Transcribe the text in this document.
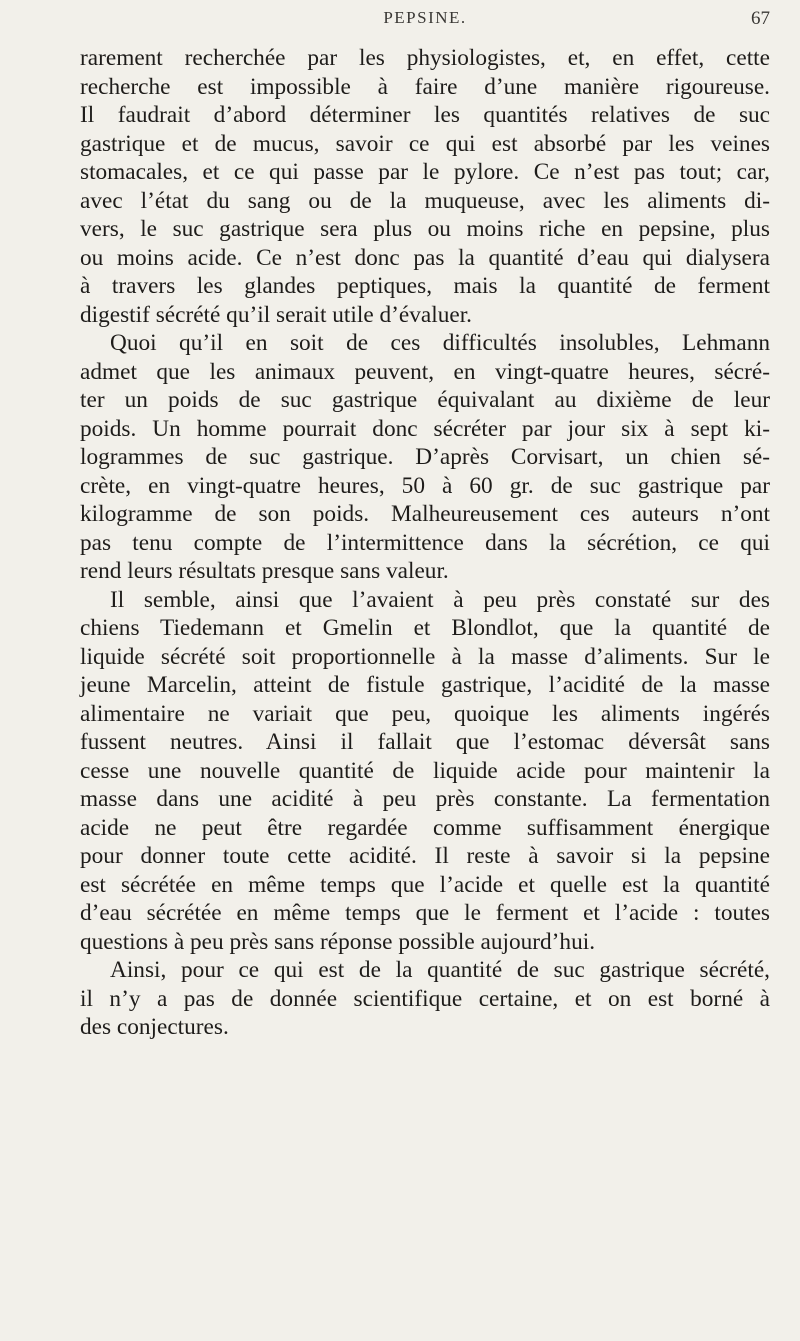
PEPSINE.	67
rarement recherchée par les physiologistes, et, en effet, cette
recherche est impossible à faire d’une manière rigoureuse.
Il faudrait d’abord déterminer les quantités relatives de suc
gastrique et de mucus, savoir ce qui est absorbé par les veines
stomacales, et ce qui passe par le pylore. Ce n’est pas tout; car,
avec l’état du sang ou de la muqueuse, avec les aliments di-
vers, le suc gastrique sera plus ou moins riche en pepsine, plus
ou moins acide. Ce n’est donc pas la quantité d’eau qui dialysera
à travers les glandes peptiques, mais la quantité de ferment
digestif sécrété qu’il serait utile d’évaluer.
Quoi qu’il en soit de ces difficultés insolubles, Lehmann
admet que les animaux peuvent, en vingt-quatre heures, sécré-
ter un poids de suc gastrique équivalant au dixième de leur
poids. Un homme pourrait donc sécréter par jour six à sept ki-
logrammes de suc gastrique. D’après Corvisart, un chien sé-
crète, en vingt-quatre heures, 50 à 60 gr. de suc gastrique par
kilogramme de son poids. Malheureusement ces auteurs n’ont
pas tenu compte de l’intermittence dans la sécrétion, ce qui
rend leurs résultats presque sans valeur.
Il semble, ainsi que l’avaient à peu près constaté sur des
chiens Tiedemann et Gmelin et Blondlot, que la quantité de
liquide sécrété soit proportionnelle à la masse d’aliments. Sur le
jeune Marcelin, atteint de fistule gastrique, l’acidité de la masse
alimentaire ne variait que peu, quoique les aliments ingérés
fussent neutres. Ainsi il fallait que l’estomac déversât sans
cesse une nouvelle quantité de liquide acide pour maintenir la
masse dans une acidité à peu près constante. La fermentation
acide ne peut être regardée comme suffisamment énergique
pour donner toute cette acidité. Il reste à savoir si la pepsine
est sécrétée en même temps que l’acide et quelle est la quantité
d’eau sécrétée en même temps que le ferment et l’acide : toutes
questions à peu près sans réponse possible aujourd’hui.
Ainsi, pour ce qui est de la quantité de suc gastrique sécrété,
il n’y a pas de donnée scientifique certaine, et on est borné à
des conjectures.
